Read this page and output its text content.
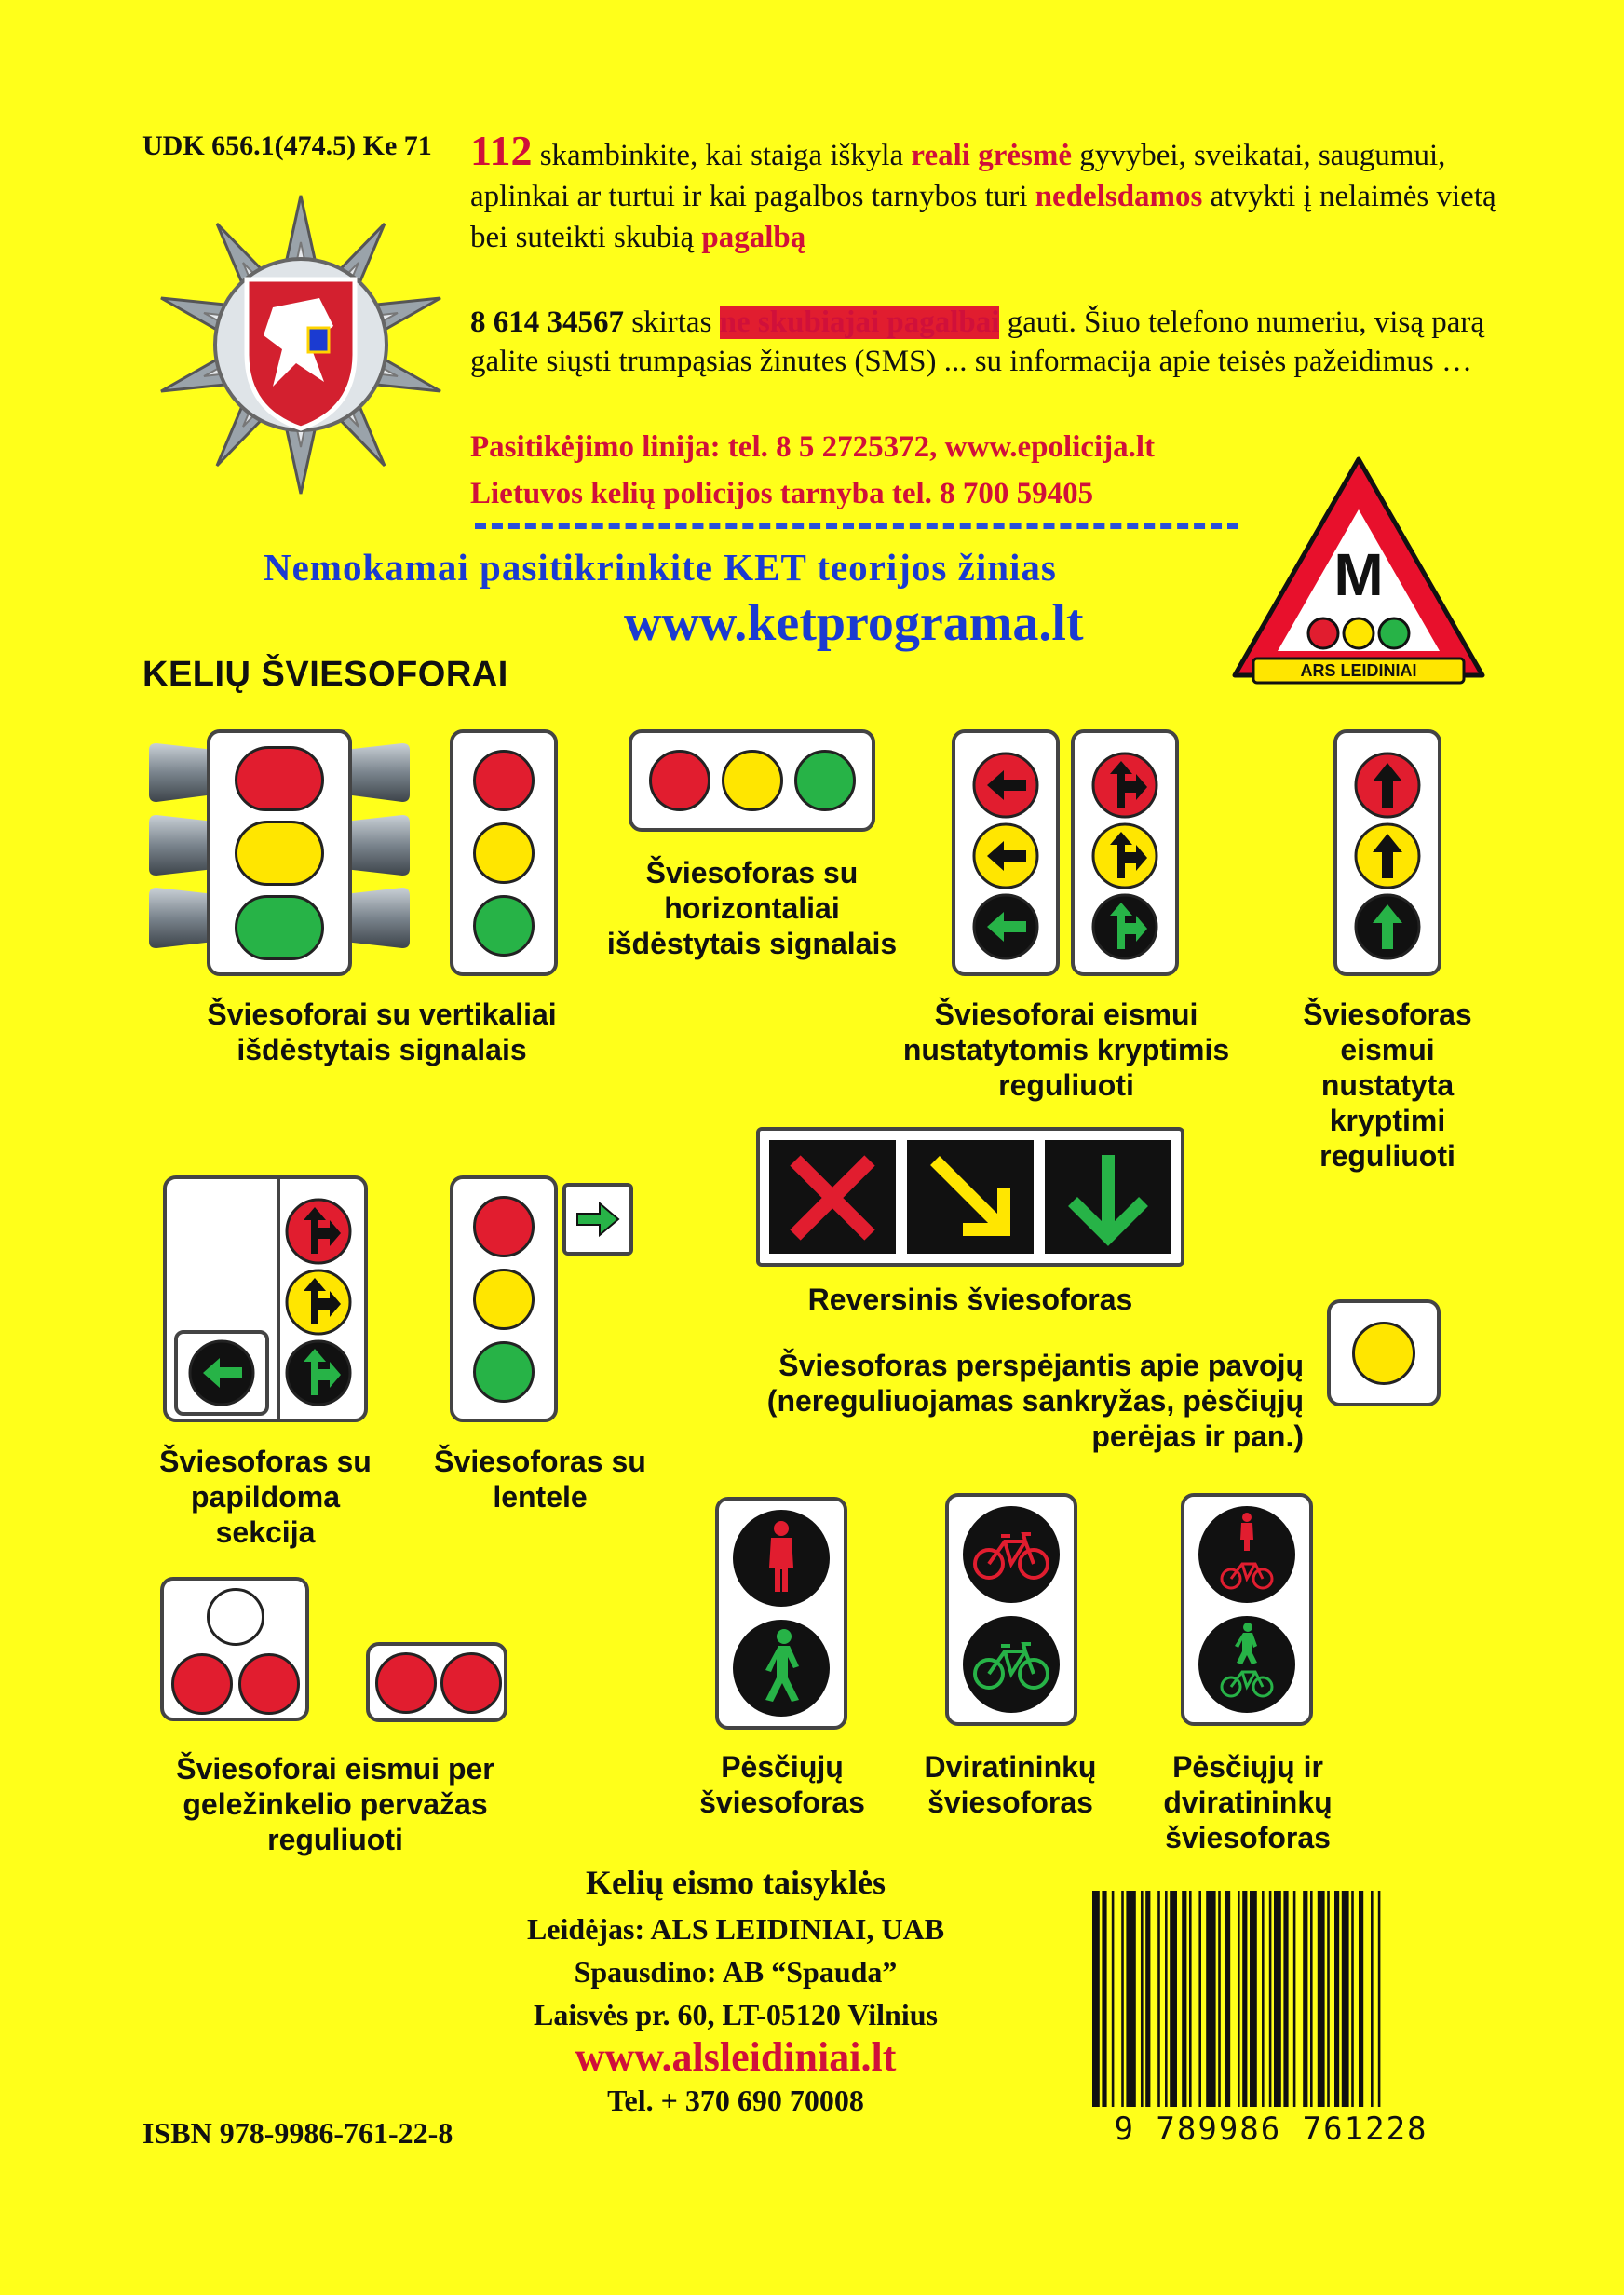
UDK 656.1(474.5) Ke 71 112 skambinkite, kai staiga iškyla reali grėsmė gyvybei, sveikatai, saugumui, aplinkai ar turtui ir kai pagalbos tarnybos turi nedelsdamos atvykti į nelaimės vietą bei suteikti skubią pagalbą
8 614 34567 skirtas ne skubiajai pagalbai gauti. Šiuo telefono numeriu, visą parą galite siųsti trumpąsias žinutes (SMS) ... su informacija apie teisės pažeidimus …
Pasitikėjimo linija: tel. 8 5 2725372, www.epolicija.lt
Lietuvos kelių policijos tarnyba tel. 8 700 59405
Nemokamai pasitikrinkite KET teorijos žinias
www.ketprograma.lt
M
ARS LEIDINIAI
KELIŲ ŠVIESOFORAI
Šviesoforai su vertikaliai išdėstytais signalais
Šviesoforas su horizontaliai išdėstytais signalais
Šviesoforai eismui nustatytomis kryptimis reguliuoti
Šviesoforas eismui nustatyta kryptimi reguliuoti
Reversinis šviesoforas
Šviesoforas su papildoma sekcija
Šviesoforas su lentele
Šviesoforas perspėjantis apie pavojų (nereguliuojamas sankryžas, pėsčiųjų perėjas ir pan.)
Šviesoforai eismui per geležinkelio pervažas reguliuoti
Pėsčiųjų šviesoforas
Dviratininkų šviesoforas
Pėsčiųjų ir dviratininkų šviesoforas
Kelių eismo taisyklės
Leidėjas: ALS LEIDINIAI, UAB
Spausdino: AB “Spauda”
Laisvės pr. 60, LT-05120 Vilnius
www.alsleidiniai.lt
Tel. + 370 690 70008
ISBN 978-9986-761-22-8	9 789986 761228
